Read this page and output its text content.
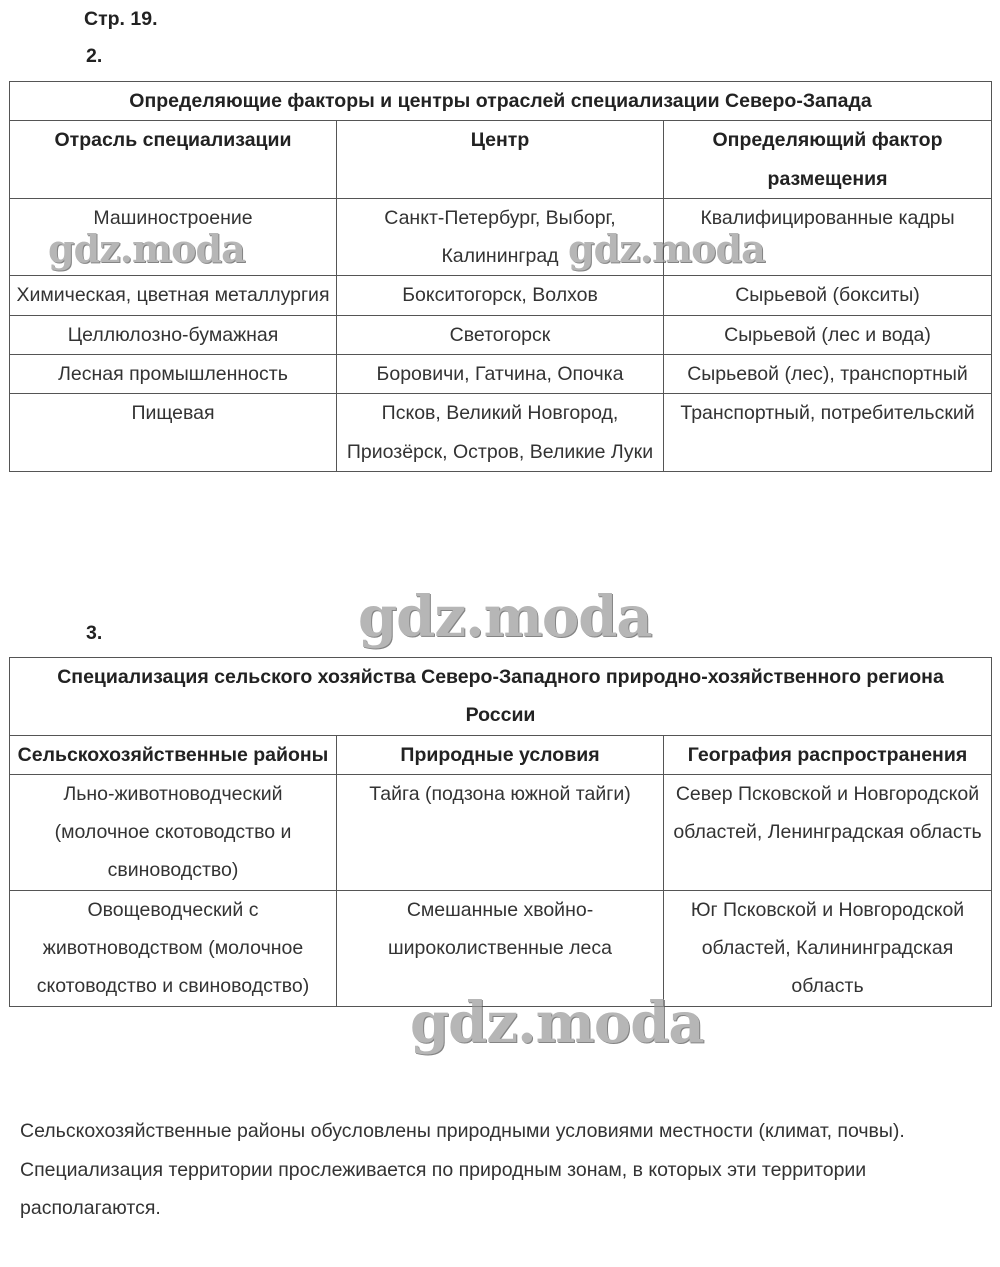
Стр. 19.
2.
Определяющие факторы и центры отраслей специализации Северо-Запада		
Отрасль специализации	Центр	Определяющий фактор размещения
Машиностроение	Санкт-Петербург, Выборг, Калининград	Квалифицированные кадры
Химическая, цветная металлургия	Бокситогорск, Волхов	Сырьевой (бокситы)
Целлюлозно-бумажная	Светогорск	Сырьевой (лес и вода)
Лесная промышленность	Боровичи, Гатчина, Опочка	Сырьевой (лес), транспортный
Пищевая	Псков, Великий Новгород, Приозёрск, Остров, Великие Луки	Транспортный, потребительский
3.
Специализация сельского хозяйства Северо-Западного природно-хозяйственного региона России		
Сельскохозяйственные районы	Природные условия	География распространения
Льно-животноводческий (молочное скотоводство и свиноводство)	Тайга (подзона южной тайги)	Север Псковской и Новгородской областей, Ленинградская область
Овощеводческий с животноводством (молочное скотоводство и свиноводство)	Смешанные хвойно-широколиственные леса	Юг Псковской и Новгородской областей, Калининградская область
Сельскохозяйственные районы обусловлены природными условиями местности (климат, почвы). Специализация территории прослеживается по природным зонам, в которых эти территории располагаются.
gdz.moda	gdz.moda
gdz.moda
gdz.moda
